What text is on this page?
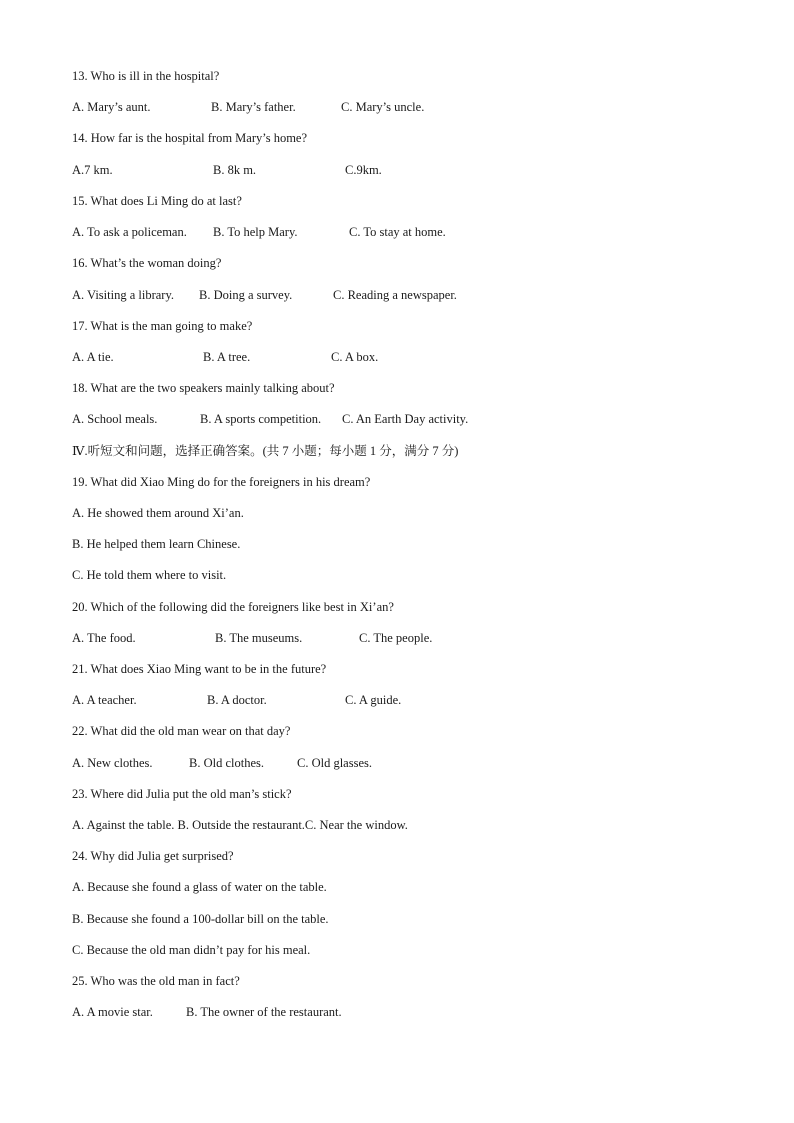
13. Who is ill in the hospital?
A. Mary’s aunt.	B. Mary’s father.	C. Mary’s uncle.
14. How far is the hospital from Mary’s home?
A.7 km.	B. 8k m.	C.9km.
15. What does Li Ming do at last?
A. To ask a policeman. B. To help Mary.	C. To stay at home.
16. What’s the woman doing?
A. Visiting a library. B. Doing a survey.	C. Reading a newspaper.
17. What is the man going to make?
A. A tie.	B. A tree.	C. A box.
18. What are the two speakers mainly talking about?
A. School meals.	B. A sports competition. C. An Earth Day activity.
Ⅳ.听短文和问题，选择正确答案。(共 7 小题；每小题 1 分，满分 7 分)
19. What did Xiao Ming do for the foreigners in his dream?
A. He showed them around Xi’an.
B. He helped them learn Chinese.
C. He told them where to visit.
20. Which of the following did the foreigners like best in Xi’an?
A. The food.	B. The museums.	C. The people.
21. What does Xiao Ming want to be in the future?
A. A teacher.	B. A doctor.	C. A guide.
22. What did the old man wear on that day?
A. New clothes.	B. Old clothes.	C. Old glasses.
23. Where did Julia put the old man’s stick?
A. Against the table. B. Outside the restaurant.C. Near the window.
24. Why did Julia get surprised?
A. Because she found a glass of water on the table.
B. Because she found a 100-dollar bill on the table.
C. Because the old man didn’t pay for his meal.
25. Who was the old man in fact?
A. A movie star.	B. The owner of the restaurant.
